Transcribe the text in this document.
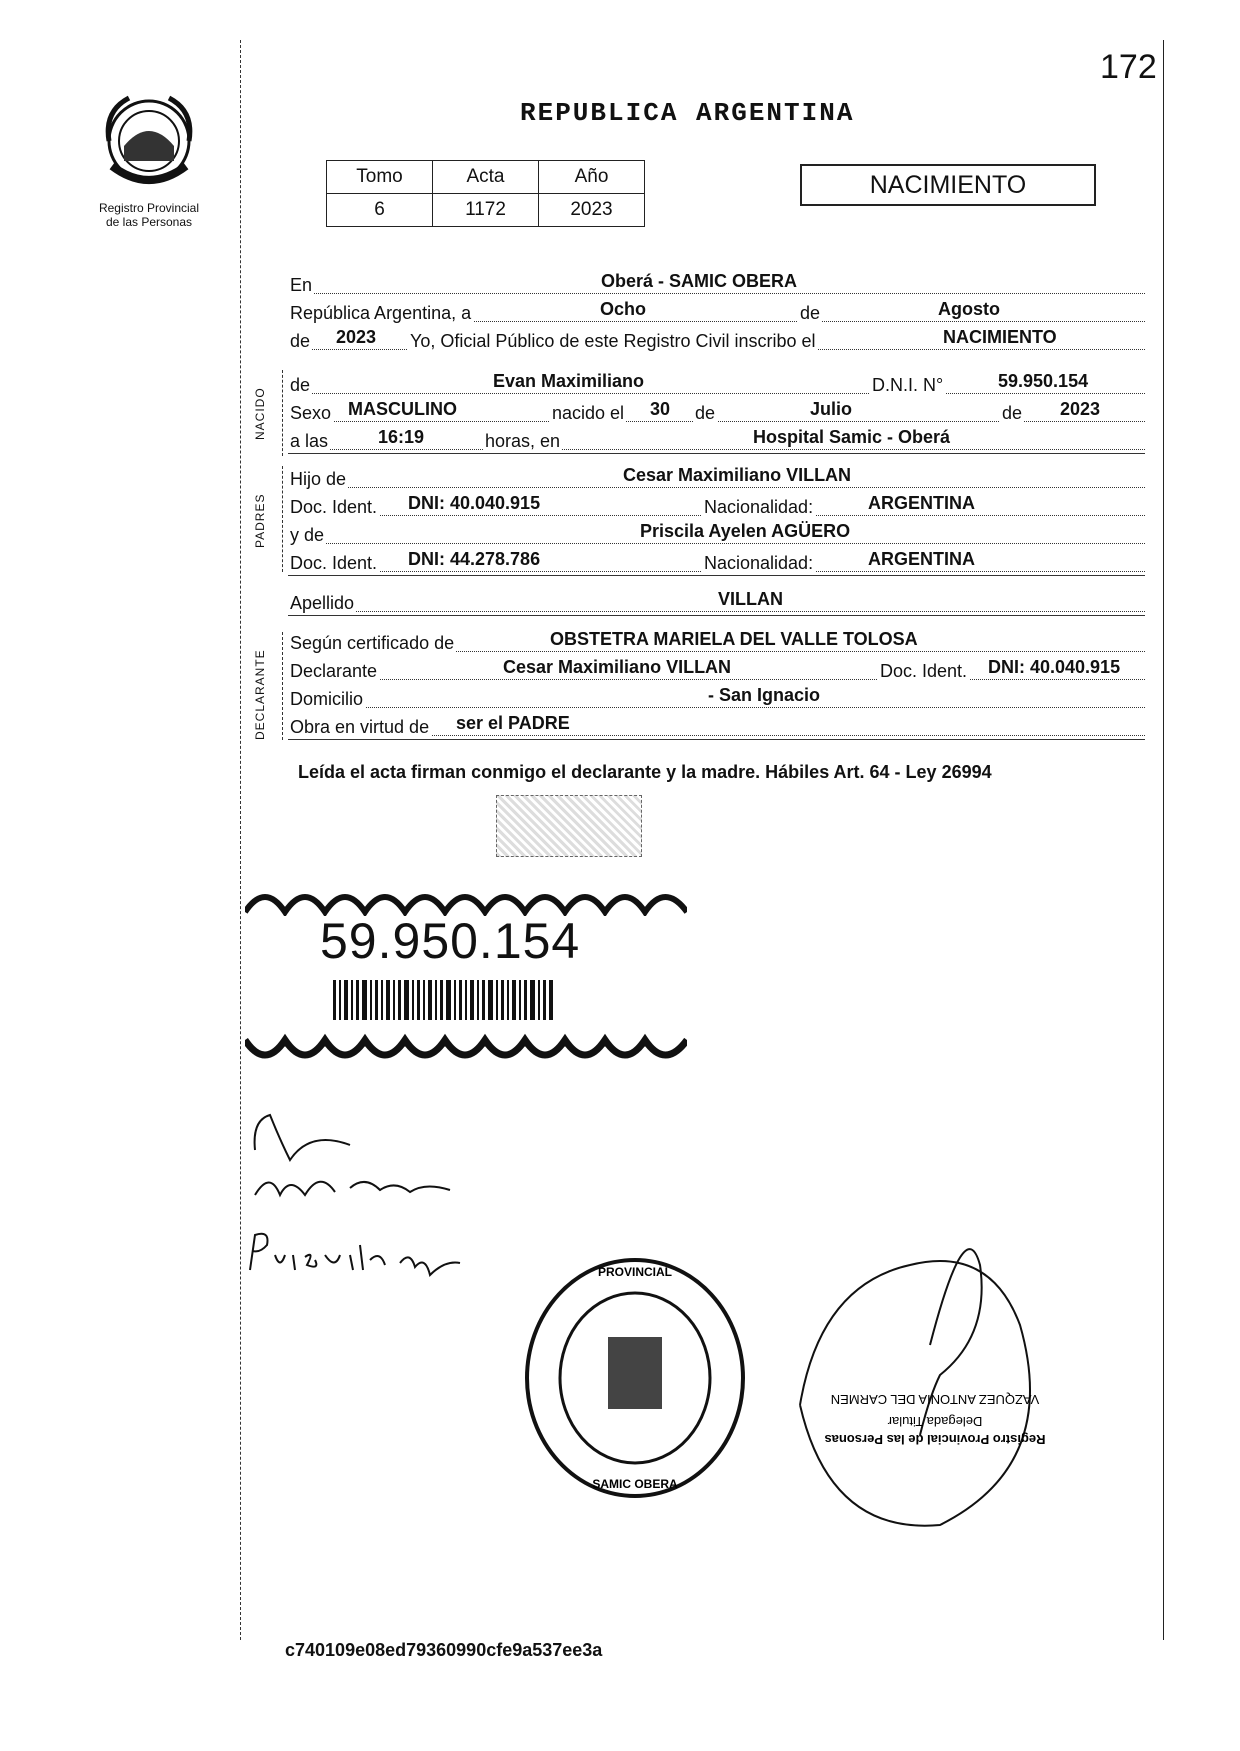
172
REPUBLICA ARGENTINA
Registro Provincial
de las Personas
Tomo	Acta	Año
6	1172	2023
NACIMIENTO
En	Oberá - SAMIC OBERA
República Argentina, a	Ocho	de	Agosto
de 2023 Yo, Oficial Público de este Registro Civil inscribo el	NACIMIENTO
de	Evan Maximiliano	D.N.I. N°	59.950.154
Sexo MASCULINO	nacido el 30 de	Julio	de 2023
a las	16:19	horas, en	Hospital Samic - Oberá
Hijo de	Cesar Maximiliano VILLAN
Doc. Ident. DNI: 40.040.915	Nacionalidad:	ARGENTINA
y de	Priscila Ayelen AGÜERO
Doc. Ident. DNI: 44.278.786	Nacionalidad:	ARGENTINA
Apellido	VILLAN
Según certificado de	OBSTETRA MARIELA DEL VALLE TOLOSA
Declarante	Cesar Maximiliano VILLAN	Doc. Ident. DNI: 40.040.915
Domicilio	- San Ignacio
Obra en virtud de ser el PADRE
NACIDO
PADRES
DECLARANTE
Leída el acta firman conmigo el declarante y la madre. Hábiles Art. 64 - Ley 26994
59.950.154
PROVINCIAL
SAMIC OBERA
Registro Provincial de las Personas
Delegada Titular
VAZQUEZ ANTONIA DEL CARMEN
c740109e08ed79360990cfe9a537ee3a
